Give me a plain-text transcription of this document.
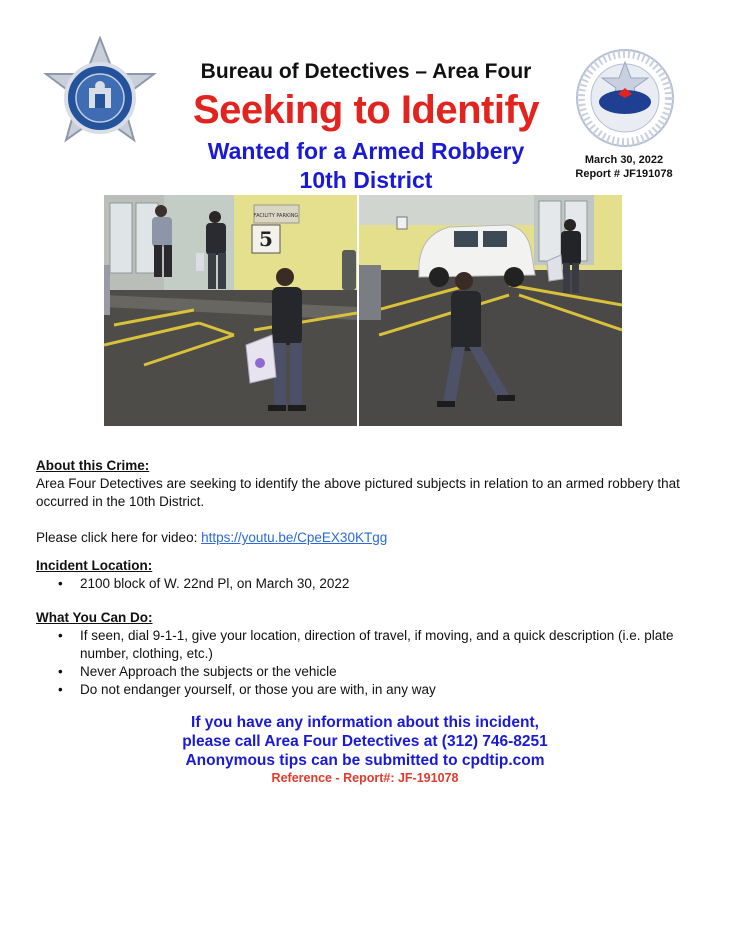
Bureau of Detectives – Area Four
Seeking to Identify
Wanted for a Armed Robbery
10th District
March 30, 2022
Report # JF191078
FACILITY PARKING
5
About this Crime:
Area Four Detectives are seeking to identify the above pictured subjects in relation to an armed robbery that occurred in the 10th District.
Please click here for video: https://youtu.be/CpeEX30KTgg
Incident Location:
• 2100 block of W. 22nd Pl, on March 30, 2022
What You Can Do:
• If seen, dial 9-1-1, give your location, direction of travel, if moving, and a quick description (i.e. plate number, clothing, etc.)
• Never Approach the subjects or the vehicle
• Do not endanger yourself, or those you are with, in any way
If you have any information about this incident,
please call Area Four Detectives at (312) 746-8251
Anonymous tips can be submitted to cpdtip.com
Reference - Report#: JF-191078
